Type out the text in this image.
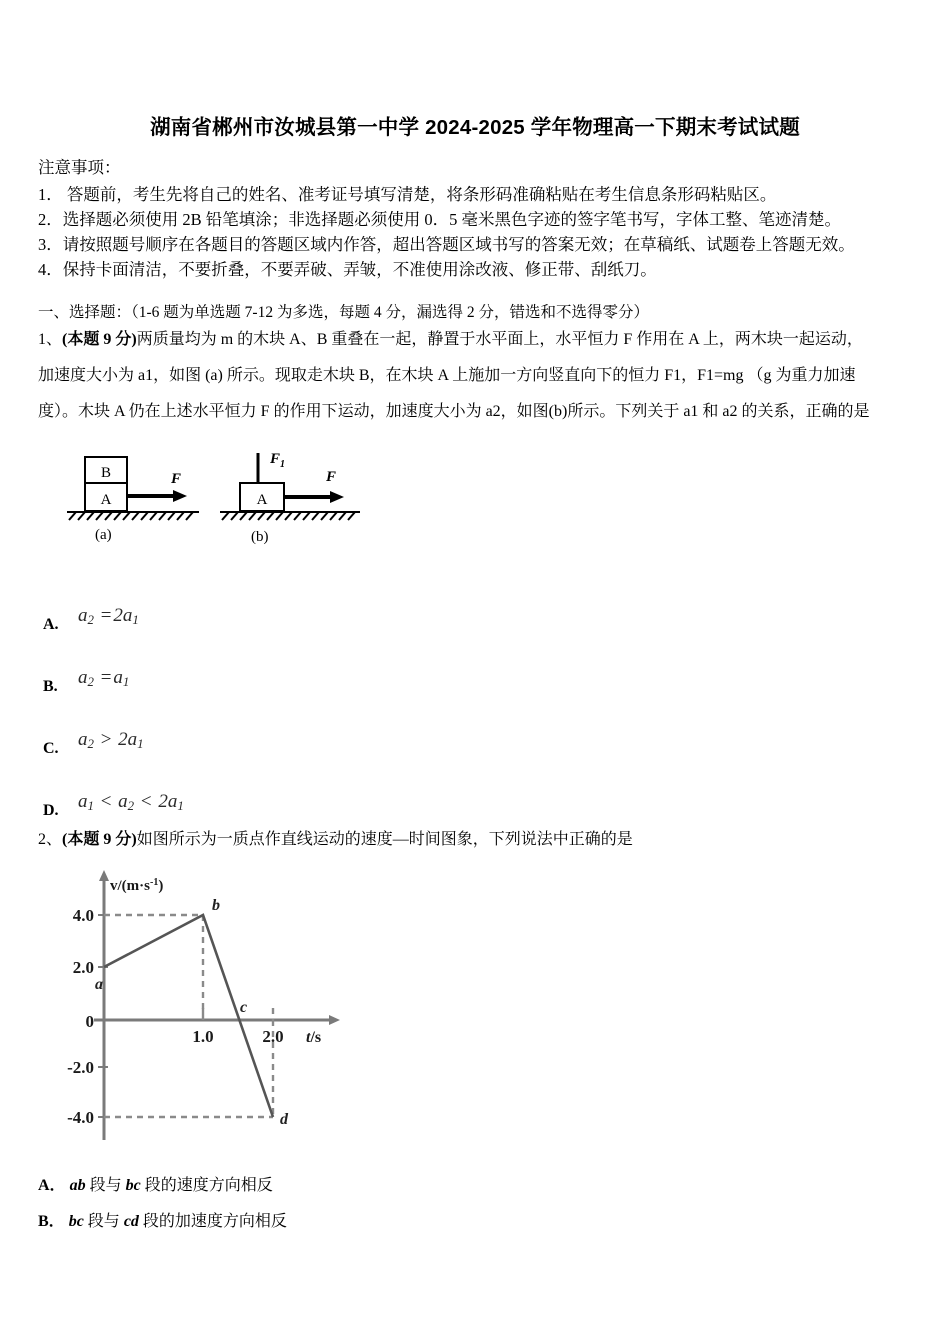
湖南省郴州市汝城县第一中学 2024-2025 学年物理高一下期末考试试题
注意事项：
1． 答题前，考生先将自己的姓名、准考证号填写清楚，将条形码准确粘贴在考生信息条形码粘贴区。
2．选择题必须使用 2B 铅笔填涂；非选择题必须使用 0．5 毫米黑色字迹的签字笔书写，字体工整、笔迹清楚。
3．请按照题号顺序在各题目的答题区域内作答，超出答题区域书写的答案无效；在草稿纸、试题卷上答题无效。
4．保持卡面清洁，不要折叠，不要弄破、弄皱，不准使用涂改液、修正带、刮纸刀。
一、选择题：（1-6 题为单选题 7-12 为多选，每题 4 分，漏选得 2 分，错选和不选得零分）
1、(本题 9 分)两质量均为 m 的木块 A、B 重叠在一起，静置于水平面上，水平恒力 F 作用在 A 上，两木块一起运动，
加速度大小为 a1，如图 (a) 所示。现取走木块 B，在木块 A 上施加一方向竖直向下的恒力 F1，F1=mg （g 为重力加速
度）。木块 A 仍在上述水平恒力 F 的作用下运动，加速度大小为 a2，如图(b)所示。下列关于 a1 和 a2 的关系，正确的是
B
A
F
(a)
$F_1$
A
F
(b)
A. $a_2 = 2a_1$
B. $a_2 = a_1$
C. $a_2 > 2a_1$
D. $a_1 < a_2 < 2a_1$
2、(本题 9 分)如图所示为一质点作直线运动的速度—时间图象，下列说法中正确的是
a
b
c
d
4.0
2.0
0
-2.0
-4.0
1.0	2.0
$v/(m\cdot s^{-1})$
t/s
A． ab 段与 bc 段的速度方向相反
B． bc 段与 cd 段的加速度方向相反
